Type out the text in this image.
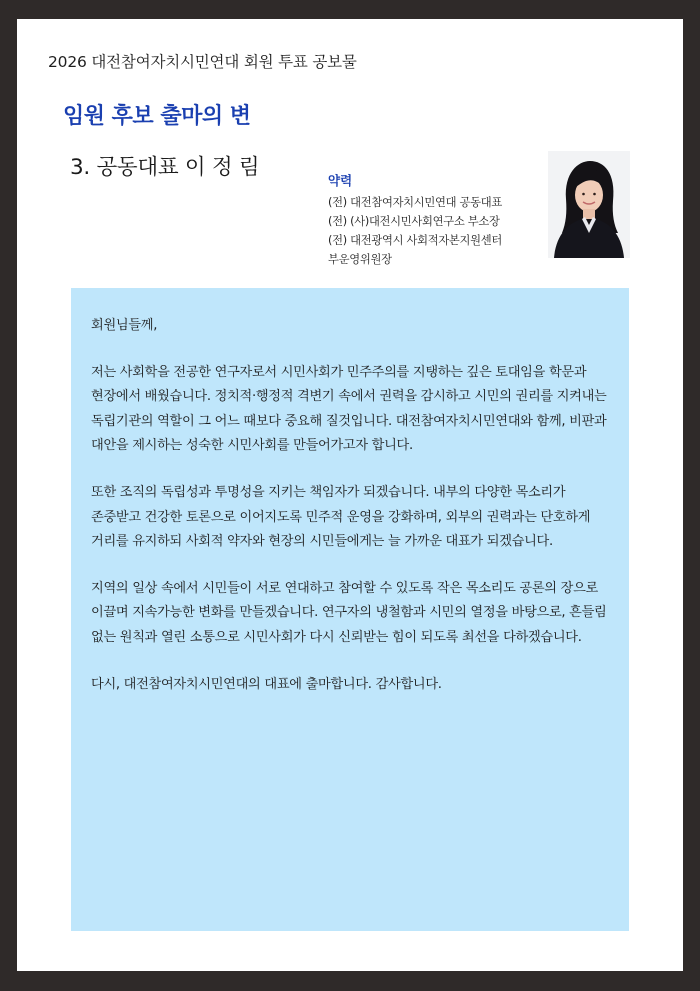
2026 대전참여자치시민연대 회원 투표 공보물
임원 후보 출마의 변
3. 공동대표 이 정 림
약력
(전) 대전참여자치시민연대 공동대표
(전) (사)대전시민사회연구소 부소장
(전) 대전광역시 사회적자본지원센터
부운영위원장

회원님들께,

저는 사회학을 전공한 연구자로서 시민사회가 민주주의를 지탱하는 깊은 토대임을 학문과 현장에서 배웠습니다. 정치적·행정적 격변기 속에서 권력을 감시하고 시민의 권리를 지켜내는 독립기관의 역할이 그 어느 때보다 중요해 질것입니다. 대전참여자치시민연대와 함께, 비판과 대안을 제시하는 성숙한 시민사회를 만들어가고자 합니다.

또한 조직의 독립성과 투명성을 지키는 책임자가 되겠습니다. 내부의 다양한 목소리가 존중받고 건강한 토론으로 이어지도록 민주적 운영을 강화하며, 외부의 권력과는 단호하게 거리를 유지하되 사회적 약자와 현장의 시민들에게는 늘 가까운 대표가 되겠습니다.

지역의 일상 속에서 시민들이 서로 연대하고 참여할 수 있도록 작은 목소리도 공론의 장으로 이끌며 지속가능한 변화를 만들겠습니다. 연구자의 냉철함과 시민의 열정을 바탕으로, 흔들림 없는 원칙과 열린 소통으로 시민사회가 다시 신뢰받는 힘이 되도록 최선을 다하겠습니다.

다시, 대전참여자치시민연대의 대표에 출마합니다. 감사합니다.
